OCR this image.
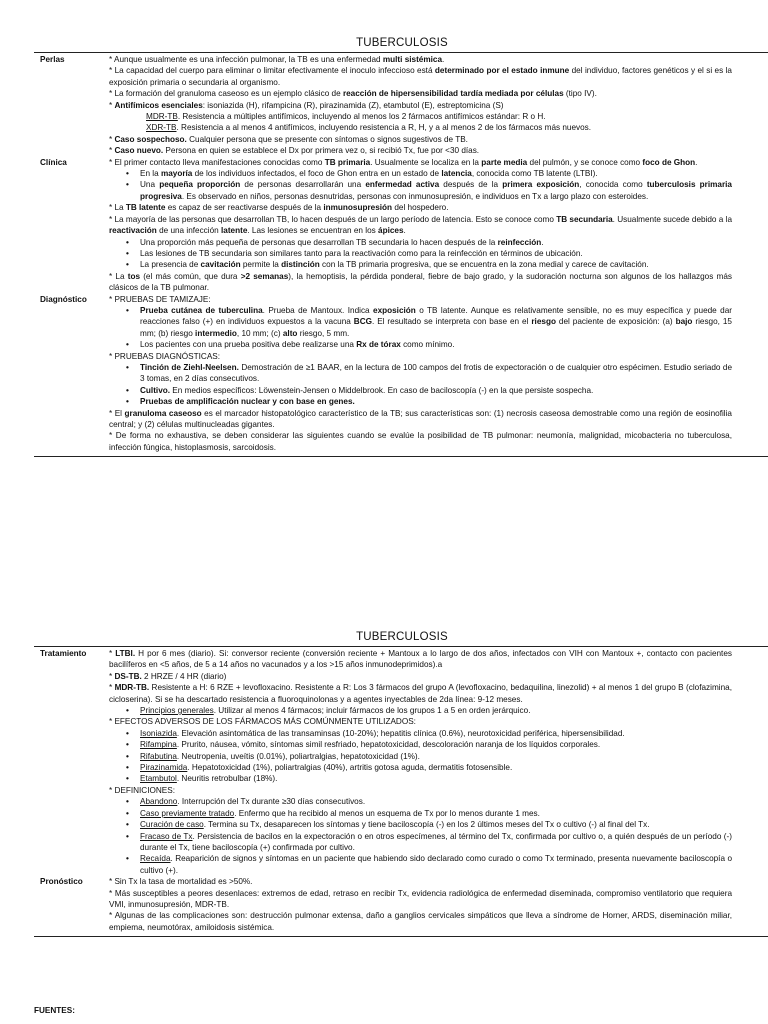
TUBERCULOSIS
Perlas	* Aunque usualmente es una infección pulmonar, la TB es una enfermedad multi sistémica.

* La capacidad del cuerpo para eliminar o limitar efectivamente el inoculo infeccioso está determinado por el estado inmune del individuo, factores genéticos y el si es la exposición primaria o secundaria al organismo.

* La formación del granuloma caseoso es un ejemplo clásico de reacción de hipersensibilidad tardía mediada por células (tipo IV).

* Antifímicos esenciales: isoniazida (H), rifampicina (R), pirazinamida (Z), etambutol (E), estreptomicina (S)

MDR-TB. Resistencia a múltiples antifímicos, incluyendo al menos los 2 fármacos antifímicos estándar: R o H.
XDR-TB. Resistencia a al menos 4 antifímicos, incluyendo resistencia a R, H, y a al menos 2 de los fármacos más nuevos.

* Caso sospechoso. Cualquier persona que se presente con síntomas o signos sugestivos de TB.

* Caso nuevo. Persona en quien se establece el Dx por primera vez o, si recibió Tx, fue por <30 días.

Clínica	* El primer contacto lleva manifestaciones conocidas como TB primaria. Usualmente se localiza en la parte media del pulmón, y se conoce como foco de Ghon.

• En la mayoría de los individuos infectados, el foco de Ghon entra en un estado de latencia, conocida como TB latente (LTBI).
• Una pequeña proporción de personas desarrollarán una enfermedad activa después de la primera exposición, conocida como tuberculosis primaria progresiva. Es observado en niños, personas desnutridas, personas con inmunosupresión, e individuos en Tx a largo plazo con esteroides.

* La TB latente es capaz de ser reactivarse después de la inmunosupresión del hospedero.

* La mayoría de las personas que desarrollan TB, lo hacen después de un largo período de latencia. Esto se conoce como TB secundaria. Usualmente sucede debido a la reactivación de una infección latente. Las lesiones se encuentran en los ápices.

• Una proporción más pequeña de personas que desarrollan TB secundaria lo hacen después de la reinfección.
• Las lesiones de TB secundaria son similares tanto para la reactivación como para la reinfección en términos de ubicación.
• La presencia de cavitación permite la distinción con la TB primaria progresiva, que se encuentra en la zona medial y carece de cavitación.

* La tos (el más común, que dura >2 semanas), la hemoptisis, la pérdida ponderal, fiebre de bajo grado, y la sudoración nocturna son algunos de los hallazgos más clásicos de la TB pulmonar.

Diagnóstico	* PRUEBAS DE TAMIZAJE:

• Prueba cutánea de tuberculina. Prueba de Mantoux. Indica exposición o TB latente. Aunque es relativamente sensible, no es muy específica y puede dar reacciones falso (+) en individuos expuestos a la vacuna BCG. El resultado se interpreta con base en el riesgo del paciente de exposición: (a) bajo riesgo, 15 mm; (b) riesgo intermedio, 10 mm; (c) alto riesgo, 5 mm.
• Los pacientes con una prueba positiva debe realizarse una Rx de tórax como mínimo.

* PRUEBAS DIAGNÓSTICAS:

• Tinción de Ziehl-Neelsen. Demostración de ≥1 BAAR, en la lectura de 100 campos del frotis de expectoración o de cualquier otro espécimen. Estudio seriado de 3 tomas, en 2 días consecutivos.
• Cultivo. En medios específicos: Löwenstein-Jensen o Middelbrook. En caso de baciloscopía (-) en la que persiste sospecha.
• Pruebas de amplificación nuclear y con base en genes.

* El granuloma caseoso es el marcador histopatológico característico de la TB; sus características son: (1) necrosis caseosa demostrable como una región de eosinofilia central; y (2) células multinucleadas gigantes.

* De forma no exhaustiva, se deben considerar las siguientes cuando se evalúe la posibilidad de TB pulmonar: neumonía, malignidad, micobacteria no tuberculosa, infección fúngica, histoplasmosis, sarcoidosis.

TUBERCULOSIS
Tratamiento	* LTBI. H por 6 mes (diario). Si: conversor reciente (conversión reciente + Mantoux a lo largo de dos años, infectados con VIH con Mantoux +, contacto con pacientes bacilíferos en <5 años, de 5 a 14 años no vacunados y a los >15 años inmunodeprimidos).a

* DS-TB. 2 HRZE / 4 HR (diario)

* MDR-TB. Resistente a H: 6 RZE + levofloxacino. Resistente a R: Los 3 fármacos del grupo A (levofloxacino, bedaquilina, linezolid) + al menos 1 del grupo B (clofazimina, cicloserina). Si se ha descartado resistencia a fluoroquinolonas y a agentes inyectables de 2da línea: 9-12 meses.

• Principios generales. Utilizar al menos 4 fármacos; incluir fármacos de los grupos 1 a 5 en orden jerárquico.

* EFECTOS ADVERSOS DE LOS FÁRMACOS MÁS COMÚNMENTE UTILIZADOS:

• Isoniazida. Elevación asintomática de las transaminsas (10-20%); hepatitis clínica (0.6%), neurotoxicidad periférica, hipersensibilidad.
• Rifampina. Prurito, náusea, vómito, síntomas simil resfriado, hepatotoxicidad, descoloración naranja de los líquidos corporales.
• Rifabutina. Neutropenia, uveítis (0.01%), poliartralgias, hepatotoxicidad (1%).
• Pirazinamida. Hepatotoxicidad (1%), poliartralgias (40%), artritis gotosa aguda, dermatitis fotosensible.
• Etambutol. Neuritis retrobulbar (18%).

* DEFINICIONES:

• Abandono. Interrupción del Tx durante ≥30 días consecutivos.
• Caso previamente tratado. Enfermo que ha recibido al menos un esquema de Tx por lo menos durante 1 mes.
• Curación de caso. Termina su Tx, desaparecen los síntomas y tiene baciloscopía (-) en los 2 últimos meses del Tx o cultivo (-) al final del Tx.
• Fracaso de Tx. Persistencia de bacilos en la expectoración o en otros especímenes, al término del Tx, confirmada por cultivo o, a quién después de un período (-) durante el Tx, tiene baciloscopía (+) confirmada por cultivo.
• Recaída. Reaparición de signos y síntomas en un paciente que habiendo sido declarado como curado o como Tx terminado, presenta nuevamente baciloscopía o cultivo (+).
Pronóstico	* Sin Tx la tasa de mortalidad es >50%.

* Más susceptibles a peores desenlaces: extremos de edad, retraso en recibir Tx, evidencia radiológica de enfermedad diseminada, compromiso ventilatorio que requiera VMI, inmunosupresión, MDR-TB.

* Algunas de las complicaciones son: destrucción pulmonar extensa, daño a ganglios cervicales simpáticos que lleva a síndrome de Horner, ARDS, diseminación miliar, empiema, neumotórax, amiloidosis sistémica.

FUENTES:
